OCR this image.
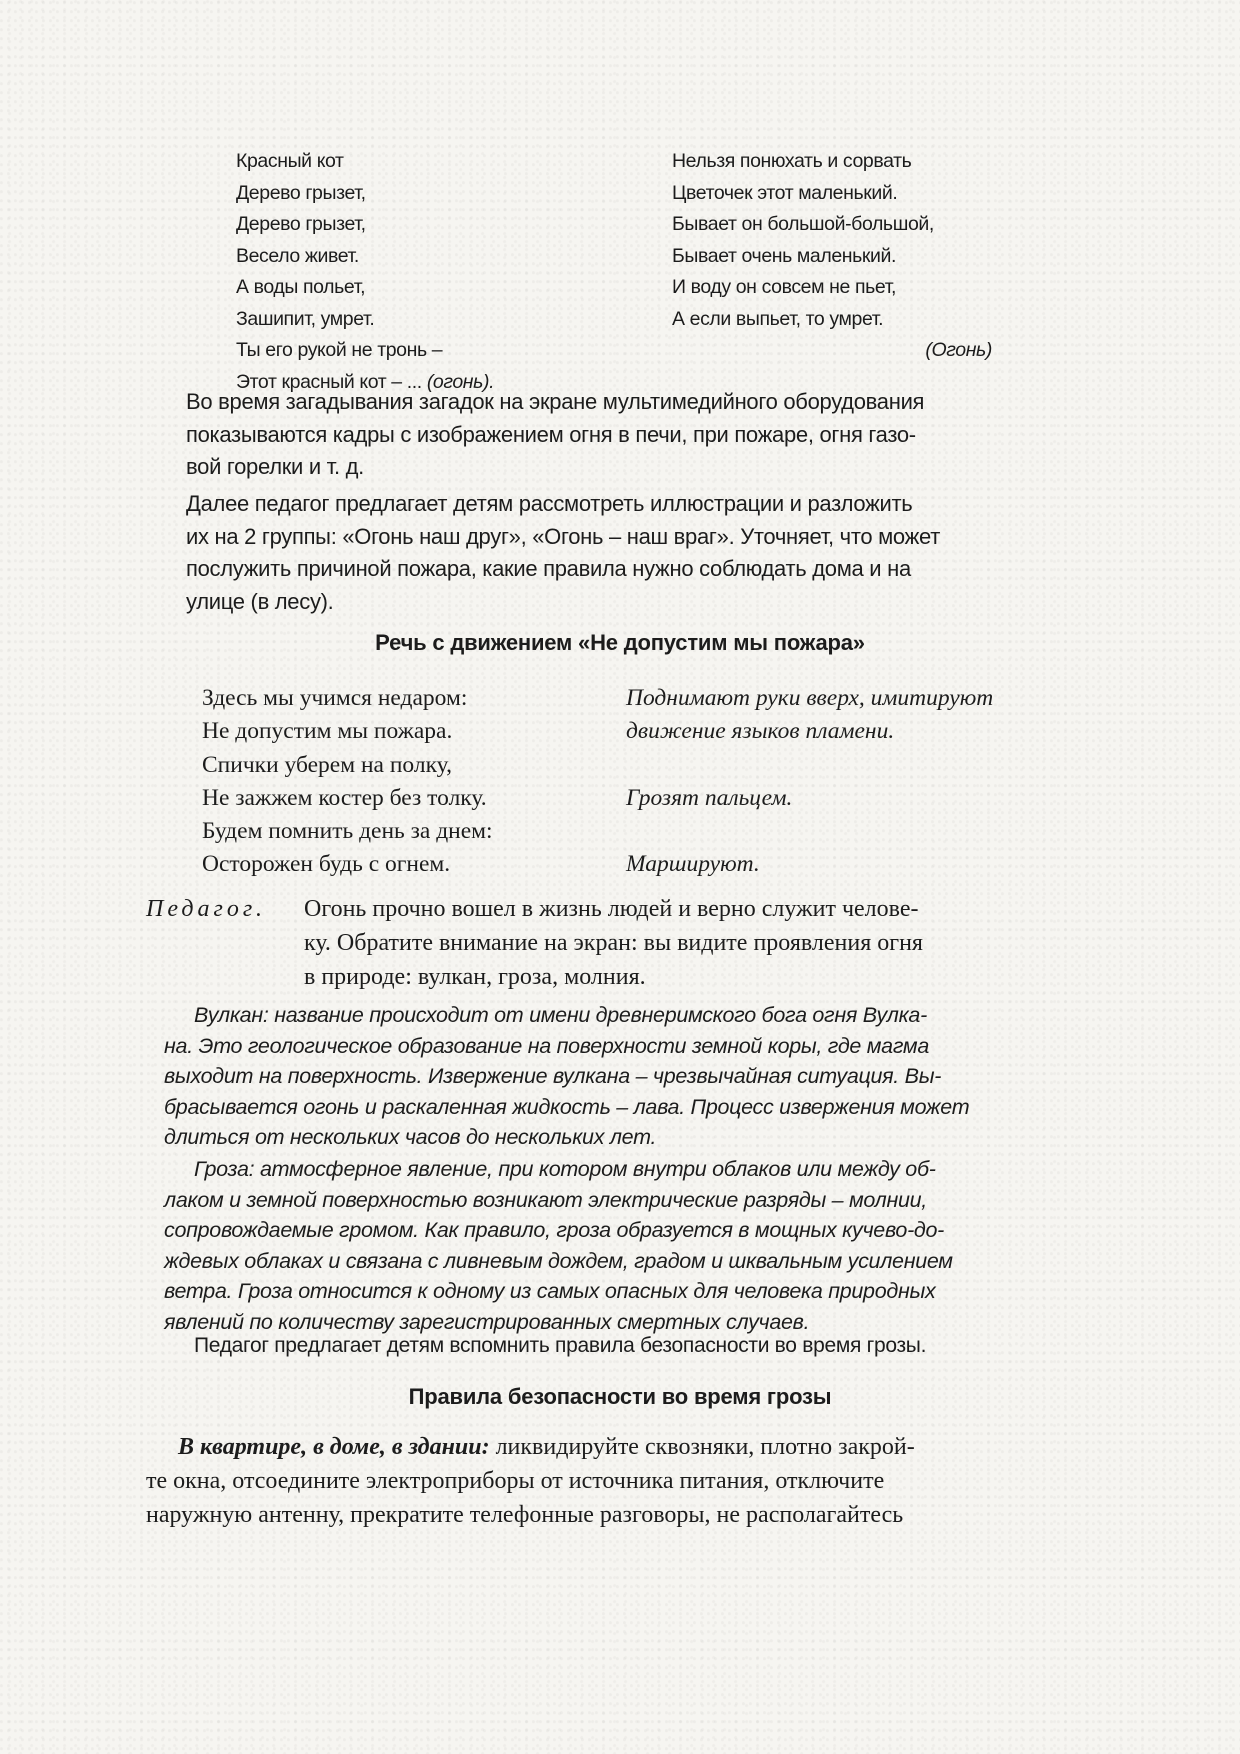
Красный кот
Дерево грызет,
Дерево грызет,
Весело живет.
А воды польет,
Зашипит, умрет.
Ты его рукой не тронь –
Этот красный кот – ... (огонь).
Нельзя понюхать и сорвать
Цветочек этот маленький.
Бывает он большой-большой,
Бывает очень маленький.
И воду он совсем не пьет,
А если выпьет, то умрет.
(Огонь)
Во время загадывания загадок на экране мультимедийного оборудования
показываются кадры с изображением огня в печи, при пожаре, огня газо-
вой горелки и т. д.
Далее педагог предлагает детям рассмотреть иллюстрации и разложить
их на 2 группы: «Огонь наш друг», «Огонь – наш враг». Уточняет, что может
послужить причиной пожара, какие правила нужно соблюдать дома и на
улице (в лесу).
Речь с движением «Не допустим мы пожара»
Здесь мы учимся недаром:
Не допустим мы пожара.
Спички уберем на полку,
Не зажжем костер без толку.
Будем помнить день за днем:
Осторожен будь с огнем.
Поднимают руки вверх, имитируют
движение языков пламени.
Грозят пальцем.
Маршируют.
Педагог. Огонь прочно вошел в жизнь людей и верно служит челове-
ку. Обратите внимание на экран: вы видите проявления огня
в природе: вулкан, гроза, молния.
Вулкан: название происходит от имени древнеримского бога огня Вулка-
на. Это геологическое образование на поверхности земной коры, где магма
выходит на поверхность. Извержение вулкана – чрезвычайная ситуация. Вы-
брасывается огонь и раскаленная жидкость – лава. Процесс извержения может
длиться от нескольких часов до нескольких лет.
Гроза: атмосферное явление, при котором внутри облаков или между об-
лаком и земной поверхностью возникают электрические разряды – молнии,
сопровождаемые громом. Как правило, гроза образуется в мощных кучево-до-
ждевых облаках и связана с ливневым дождем, градом и шквальным усилением
ветра. Гроза относится к одному из самых опасных для человека природных
явлений по количеству зарегистрированных смертных случаев.
Педагог предлагает детям вспомнить правила безопасности во время грозы.
Правила безопасности во время грозы
В квартире, в доме, в здании: ликвидируйте сквозняки, плотно закрой-
те окна, отсоедините электроприборы от источника питания, отключите
наружную антенну, прекратите телефонные разговоры, не располагайтесь
